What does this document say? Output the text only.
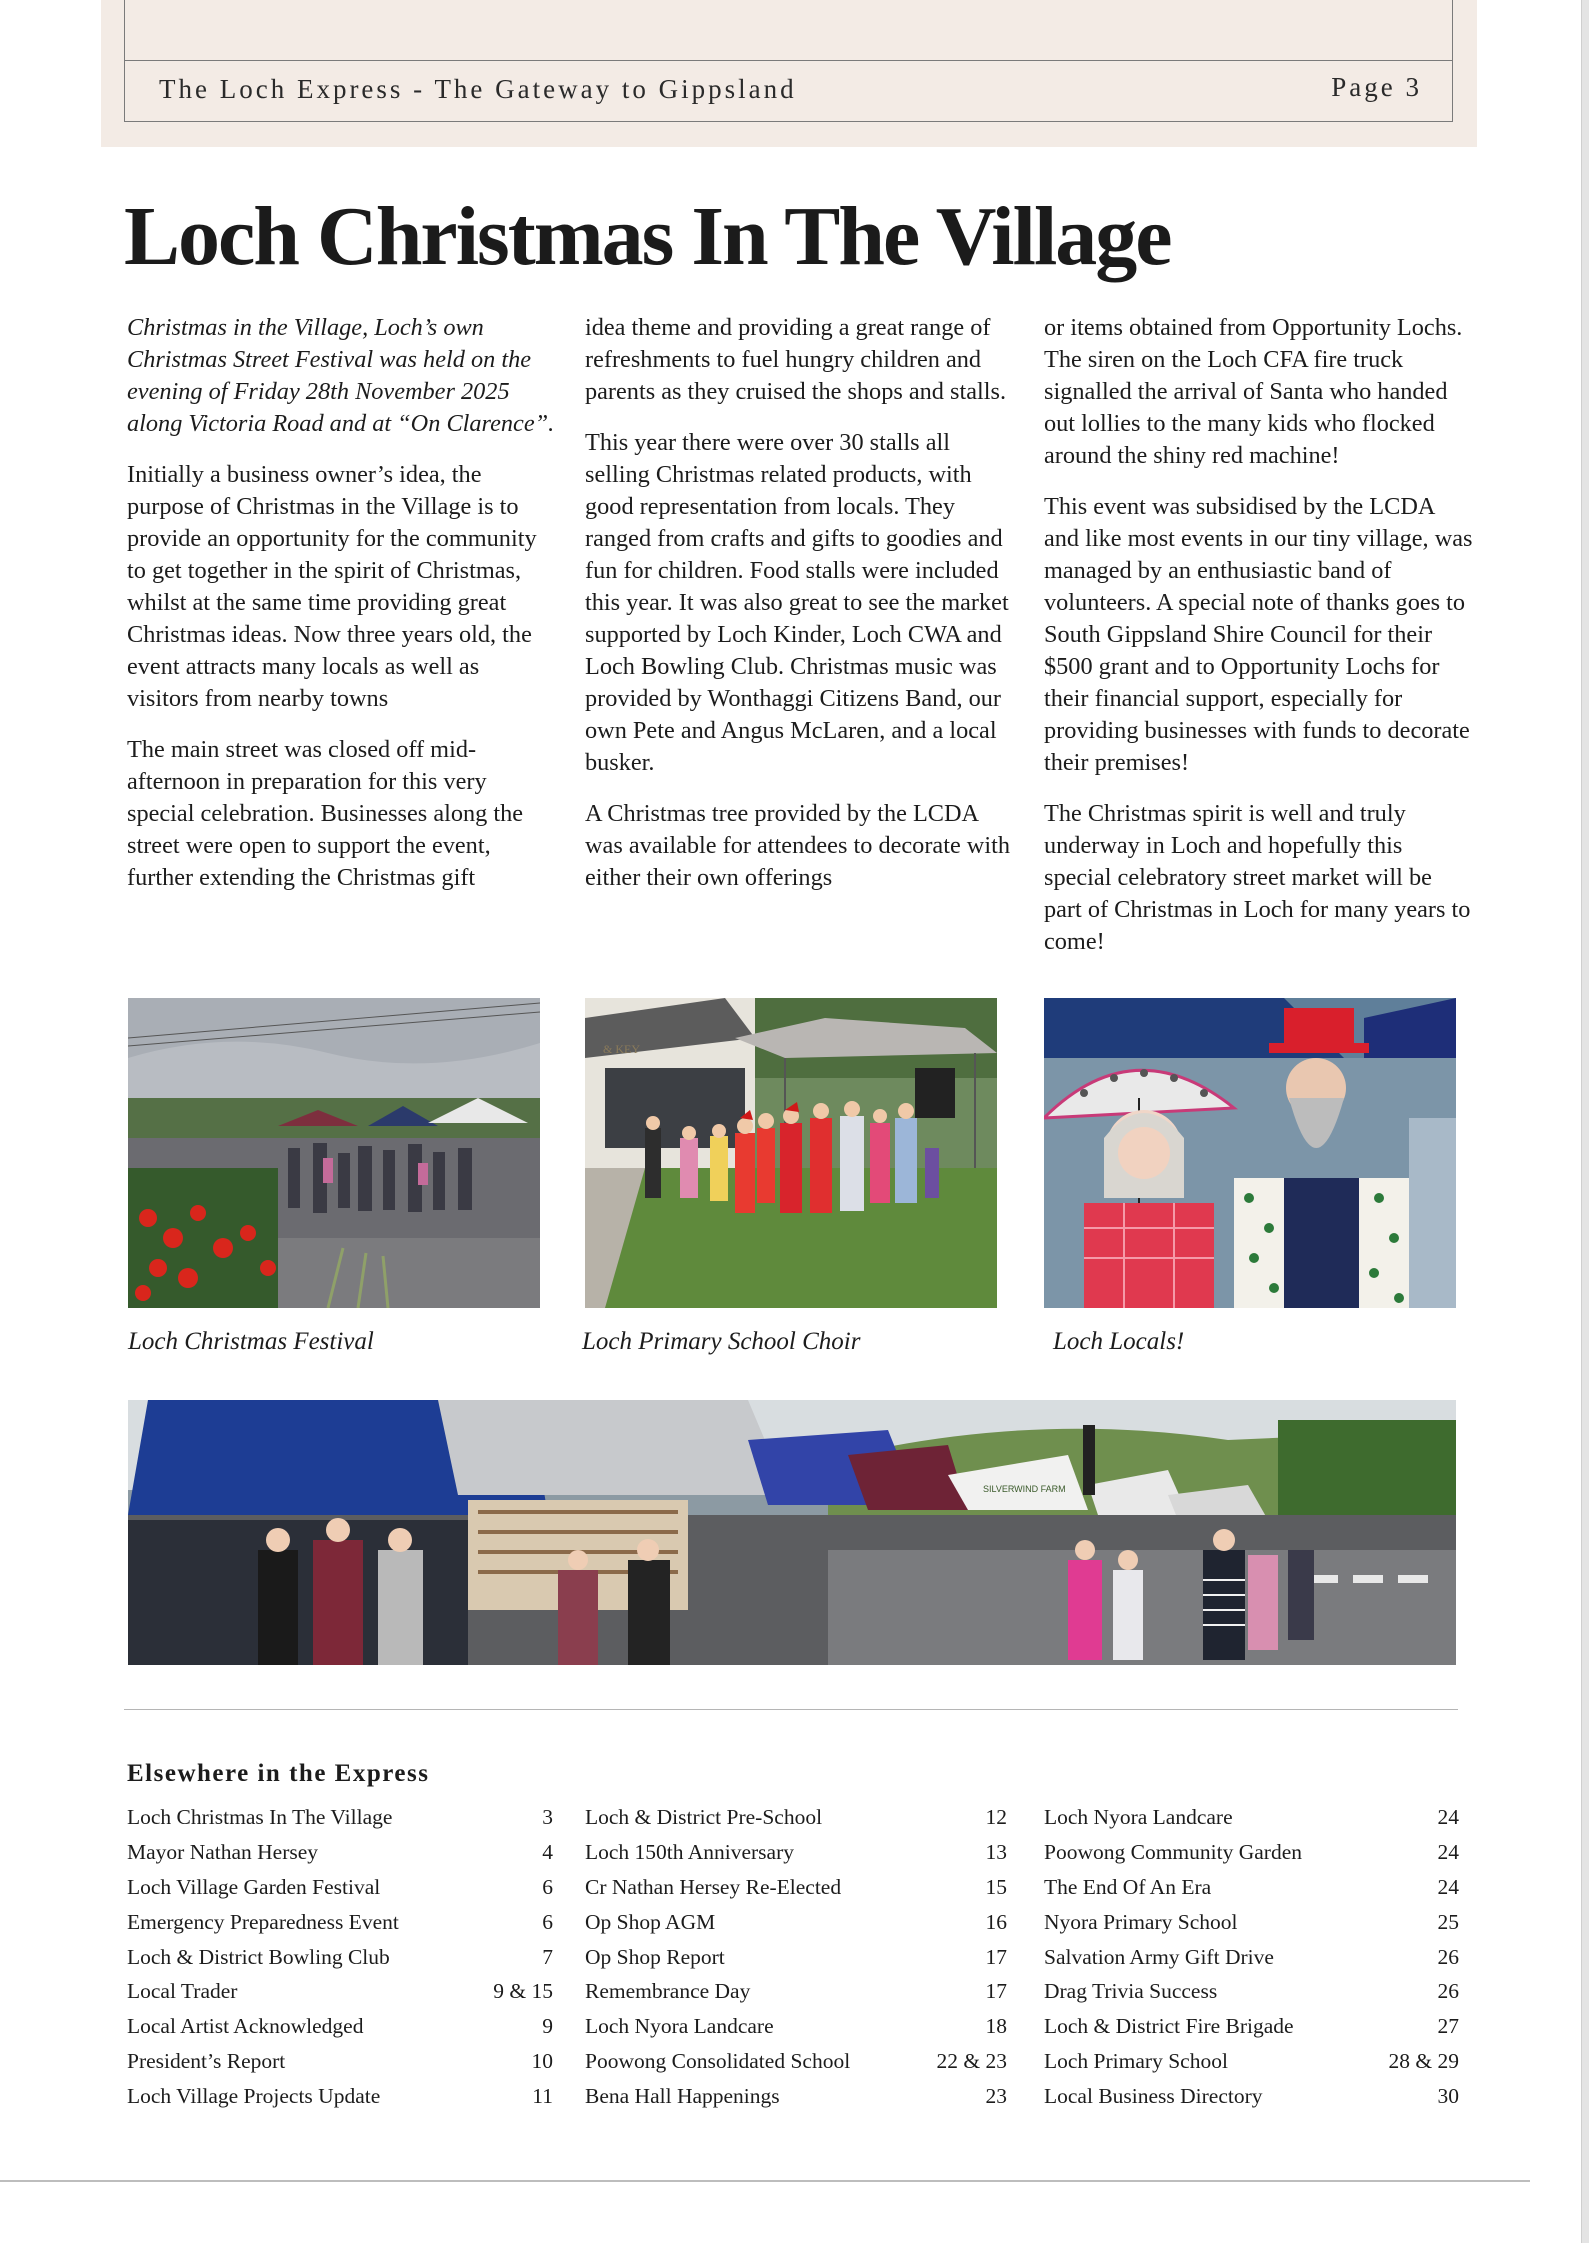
The Loch Express - The Gateway to Gippsland	Page 3
Loch Christmas In The Village

Christmas in the Village, Loch’s own Christmas Street Festival was held on the evening of Friday 28th November 2025 along Victoria Road and at “On Clarence”.

Initially a business owner’s idea, the purpose of Christmas in the Village is to provide an opportunity for the community to get together in the spirit of Christmas, whilst at the same time providing great Christmas ideas. Now three years old, the event attracts many locals as well as visitors from nearby towns

The main street was closed off mid-afternoon in preparation for this very special celebration. Businesses along the street were open to support the event, further extending the Christmas gift

idea theme and providing a great range of refreshments to fuel hungry children and parents as they cruised the shops and stalls.

This year there were over 30 stalls all selling Christmas related products, with good representation from locals. They ranged from crafts and gifts to goodies and fun for children. Food stalls were included this year. It was also great to see the market supported by Loch Kinder, Loch CWA and Loch Bowling Club. Christmas music was provided by Wonthaggi Citizens Band, our own Pete and Angus McLaren, and a local busker.

A Christmas tree provided by the LCDA was available for attendees to decorate with either their own offerings

or items obtained from Opportunity Lochs. The siren on the Loch CFA fire truck signalled the arrival of Santa who handed out lollies to the many kids who flocked around the shiny red machine!

This event was subsidised by the LCDA and like most events in our tiny village, was managed by an enthusiastic band of volunteers. A special note of thanks goes to South Gippsland Shire Council for their $500 grant and to Opportunity Lochs for their financial support, especially for providing businesses with funds to decorate their premises!

The Christmas spirit is well and truly underway in Loch and hopefully this special celebratory street market will be part of Christmas in Loch for many years to come!

& KEY
Loch Christmas Festival	Loch Primary School Choir	Loch Locals!
SILVERWIND FARM
Elsewhere in the Express
Loch Christmas In The Village	3
Mayor Nathan Hersey	4
Loch Village Garden Festival	6
Emergency Preparedness Event	6
Loch & District Bowling Club	7
Local Trader	9 & 15
Local Artist Acknowledged	9
President’s Report	10
Loch Village Projects Update	11
Loch & District Pre-School	12
Loch 150th Anniversary	13
Cr Nathan Hersey Re-Elected	15
Op Shop AGM	16
Op Shop Report	17
Remembrance Day	17
Loch Nyora Landcare	18
Poowong Consolidated School	22 & 23
Bena Hall Happenings	23
Loch Nyora Landcare	24
Poowong Community Garden	24
The End Of An Era	24
Nyora Primary School	25
Salvation Army Gift Drive	26
Drag Trivia Success	26
Loch & District Fire Brigade	27
Loch Primary School	28 & 29
Local Business Directory	30
